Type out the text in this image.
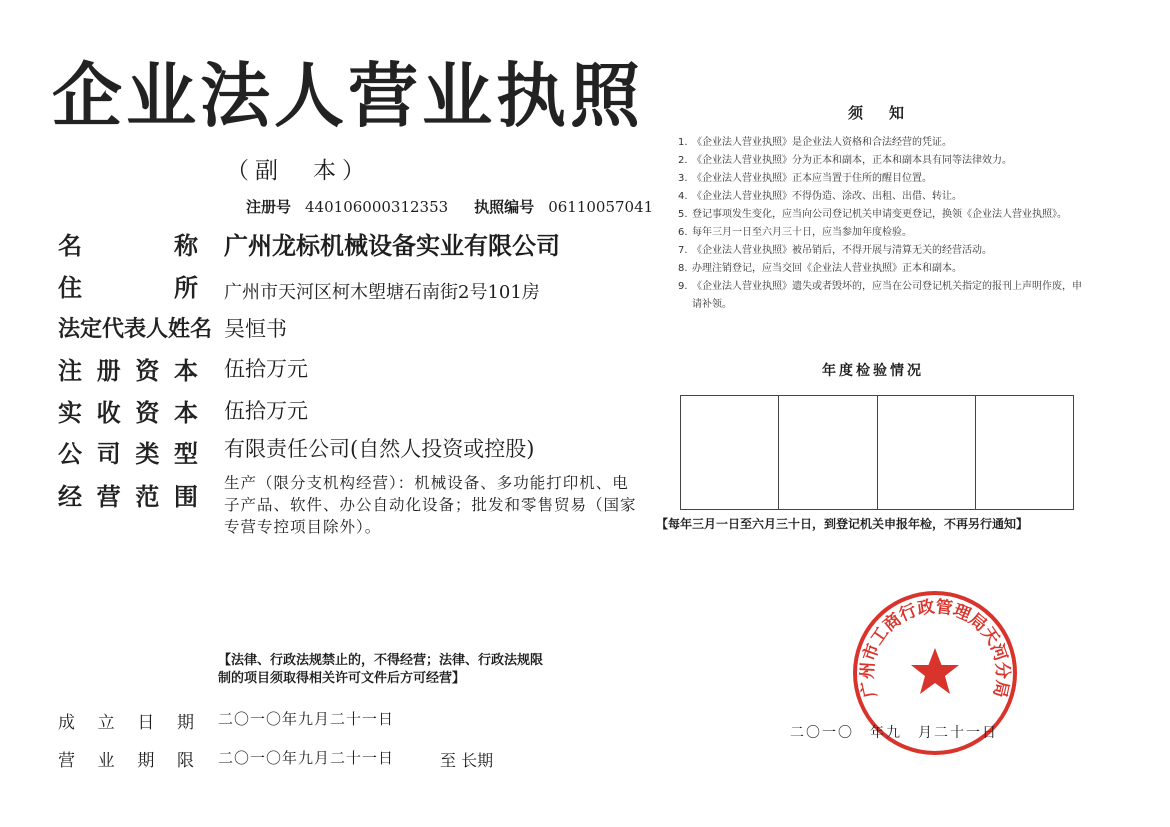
企业法人营业执照
（副　本）
注册号 440106000312353 执照编号 06110057041
名	称 广州龙标机械设备实业有限公司
住	所 广州市天河区柯木塱塘石南街2号101房
法定代表人姓名 吴恒书
注 册 资 本 伍拾万元
实 收 资 本 伍拾万元
公 司 类 型 有限责任公司(自然人投资或控股)
经 营 范 围 生产（限分支机构经营）：机械设备、多功能打印机、电子产品、软件、办公自动化设备；批发和零售贸易（国家专营专控项目除外）。
【法律、行政法规禁止的，不得经营；法律、行政法规限制的项目须取得相关许可文件后方可经营】
成 立 日 期 二〇一〇年九月二十一日
营 业 期 限 二〇一〇年九月二十一日	至 长期
须知
1. 《企业法人营业执照》是企业法人资格和合法经营的凭证。
2. 《企业法人营业执照》分为正本和副本，正本和副本具有同等法律效力。
3. 《企业法人营业执照》正本应当置于住所的醒目位置。
4. 《企业法人营业执照》不得伪造、涂改、出租、出借、转让。
5. 登记事项发生变化，应当向公司登记机关申请变更登记，换领《企业法人营业执照》。
6. 每年三月一日至六月三十日，应当参加年度检验。
7. 《企业法人营业执照》被吊销后，不得开展与清算无关的经营活动。
8. 办理注销登记，应当交回《企业法人营业执照》正本和副本。
9. 《企业法人营业执照》遗失或者毁坏的，应当在公司登记机关指定的报刊上声明作废，申请补领。
年度检验情况
【每年三月一日至六月三十日，到登记机关申报年检，不再另行通知】
广州市工商行政管理局天河分局
二〇一〇　年九　月二十一日
